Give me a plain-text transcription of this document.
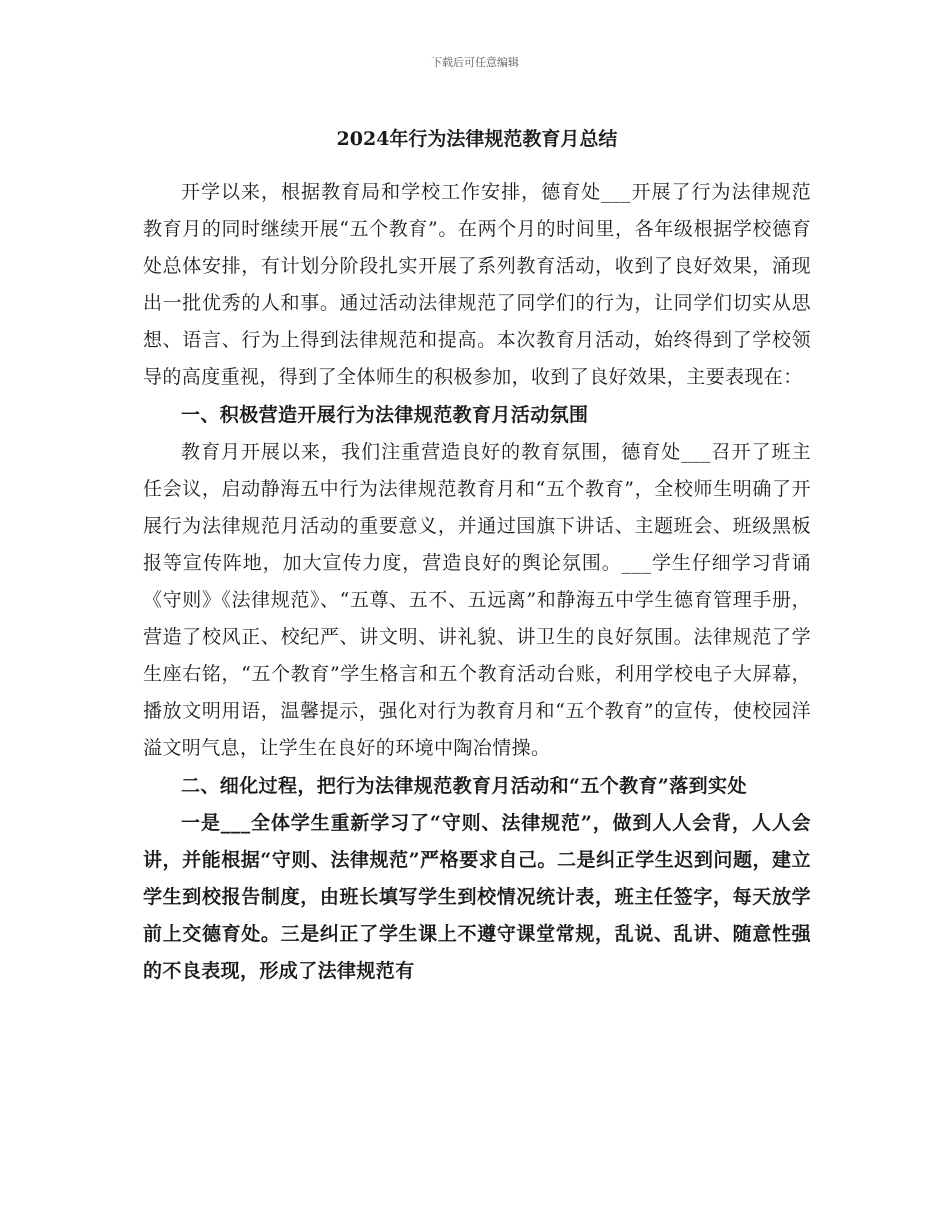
下载后可任意编辑
2024年行为法律规范教育月总结

开学以来，根据教育局和学校工作安排，德育处___开展了行为法律规范教育月的同时继续开展“五个教育”。在两个月的时间里，各年级根据学校德育处总体安排，有计划分阶段扎实开展了系列教育活动，收到了良好效果，涌现出一批优秀的人和事。通过活动法律规范了同学们的行为，让同学们切实从思想、语言、行为上得到法律规范和提高。本次教育月活动，始终得到了学校领导的高度重视，得到了全体师生的积极参加，收到了良好效果，主要表现在：

一、积极营造开展行为法律规范教育月活动氛围

教育月开展以来，我们注重营造良好的教育氛围，德育处___召开了班主任会议，启动静海五中行为法律规范教育月和“五个教育”，全校师生明确了开展行为法律规范月活动的重要意义，并通过国旗下讲话、主题班会、班级黑板报等宣传阵地，加大宣传力度，营造良好的舆论氛围。___学生仔细学习背诵《守则》《法律规范》、“五尊、五不、五远离”和静海五中学生德育管理手册，营造了校风正、校纪严、讲文明、讲礼貌、讲卫生的良好氛围。法律规范了学生座右铭，“五个教育”学生格言和五个教育活动台账，利用学校电子大屏幕，播放文明用语，温馨提示，强化对行为教育月和“五个教育”的宣传，使校园洋溢文明气息，让学生在良好的环境中陶冶情操。

二、细化过程，把行为法律规范教育月活动和“五个教育”落到实处

一是___全体学生重新学习了“守则、法律规范”，做到人人会背，人人会讲，并能根据“守则、法律规范”严格要求自己。二是纠正学生迟到问题，建立学生到校报告制度，由班长填写学生到校情况统计表，班主任签字，每天放学前上交德育处。三是纠正了学生课上不遵守课堂常规，乱说、乱讲、随意性强的不良表现，形成了法律规范有
